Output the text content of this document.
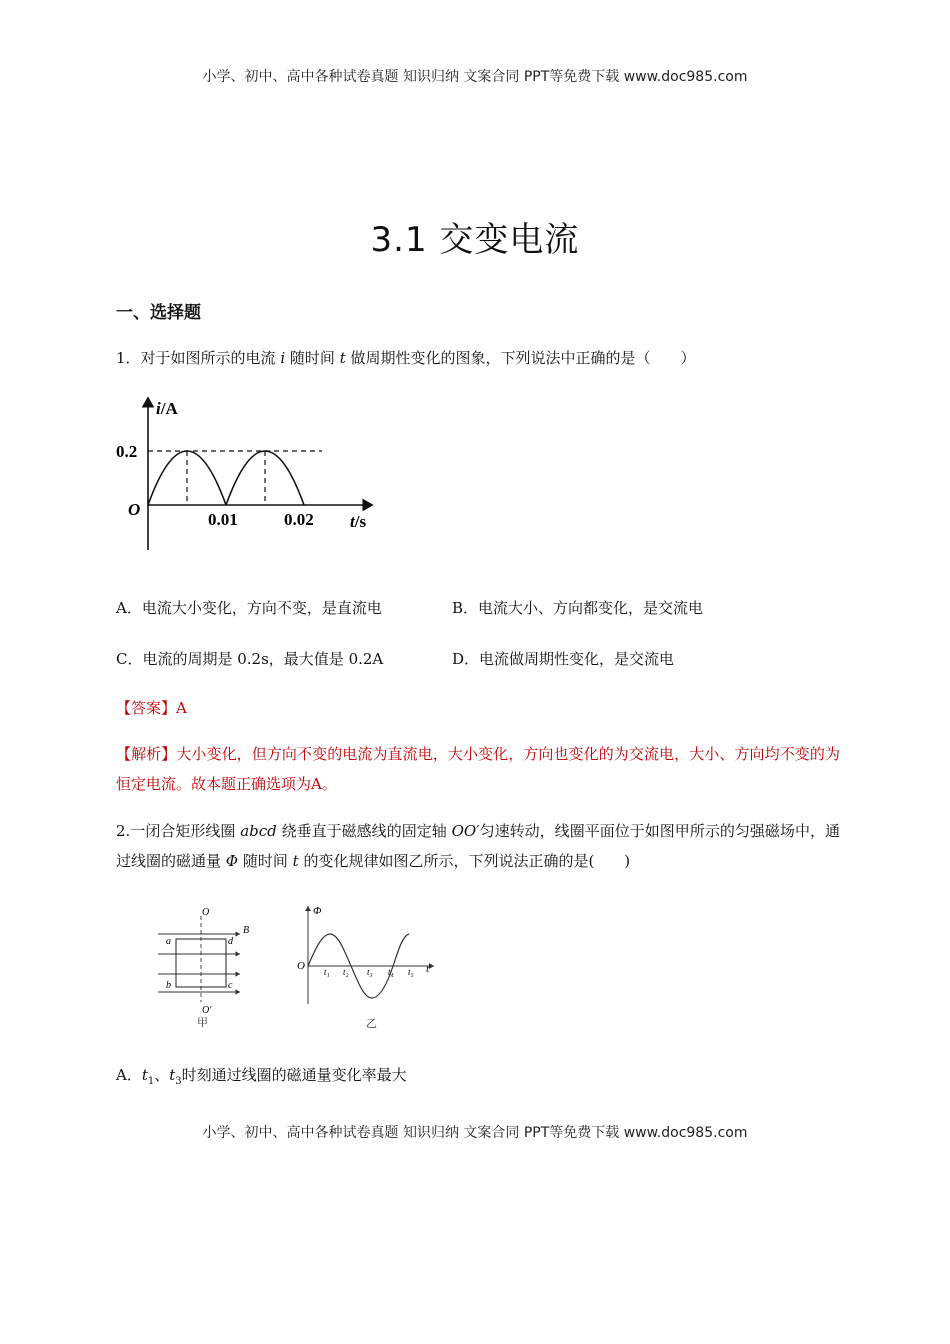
小学、初中、高中各种试卷真题 知识归纳 文案合同 PPT等免费下载 www.doc985.com
3.1 交变电流
一、选择题
1．对于如图所示的电流 i 随时间 t 做周期性变化的图象，下列说法中正确的是（　　）
i/A
0.2
O
0.01	0.02 t/s
A．电流大小变化，方向不变，是直流电	B．电流大小、方向都变化，是交流电
C．电流的周期是 0.2s，最大值是 0.2A	D．电流做周期性变化，是交流电
【答案】A
【解析】大小变化，但方向不变的电流为直流电，大小变化，方向也变化的为交流电，大小、方向均不变的为恒定电流。故本题正确选项为A。
2.一闭合矩形线圈 abcd 绕垂直于磁感线的固定轴 OO′匀速转动，线圈平面位于如图甲所示的匀强磁场中，通过线圈的磁通量 Φ 随时间 t 的变化规律如图乙所示，下列说法正确的是(　　)
O
O′
B
a	d
b	c
甲
Φ
O	t
t₁ t₂ t₃ t₄ t₅
乙
A．$t_1$、$t_3$时刻通过线圈的磁通量变化率最大
小学、初中、高中各种试卷真题 知识归纳 文案合同 PPT等免费下载 www.doc985.com
